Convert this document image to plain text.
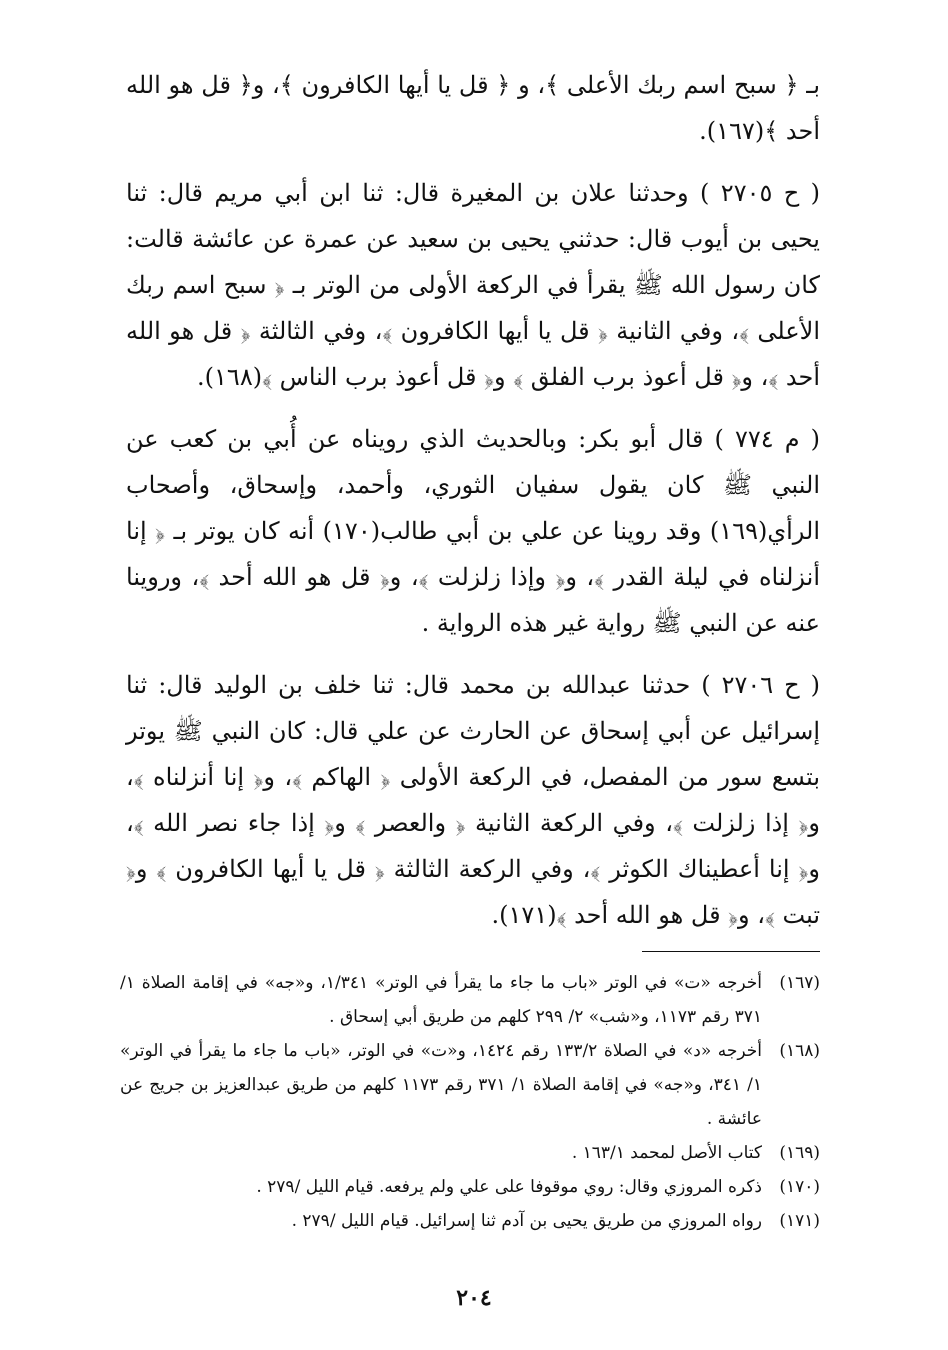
بـ ﴿ سبح اسم ربك الأعلى ﴾، و ﴿ قل يا أيها الكافرون ﴾، و﴿ قل هو الله أحد ﴾(١٦٧).

( ح ٢٧٠٥ ) وحدثنا علان بن المغيرة قال: ثنا ابن أبي مريم قال: ثنا يحيى بن أيوب قال: حدثني يحيى بن سعيد عن عمرة عن عائشة قالت: كان رسول الله ﷺ يقرأ في الركعة الأولى من الوتر بـ ﴿ سبح اسم ربك الأعلى ﴾، وفي الثانية ﴿ قل يا أيها الكافرون ﴾، وفي الثالثة ﴿ قل هو الله أحد ﴾، و﴿ قل أعوذ برب الفلق ﴾ و﴿ قل أعوذ برب الناس ﴾(١٦٨).

( م ٧٧٤ ) قال أبو بكر: وبالحديث الذي رويناه عن أُبي بن كعب عن النبي ﷺ كان يقول سفيان الثوري، وأحمد، وإسحاق، وأصحاب الرأي(١٦٩) وقد روينا عن علي بن أبي طالب(١٧٠) أنه كان يوتر بـ ﴿ إنا أنزلناه في ليلة القدر ﴾، و﴿ وإذا زلزلت ﴾، و﴿ قل هو الله أحد ﴾، وروينا عنه عن النبي ﷺ رواية غير هذه الرواية .

( ح ٢٧٠٦ ) حدثنا عبدالله بن محمد قال: ثنا خلف بن الوليد قال: ثنا إسرائيل عن أبي إسحاق عن الحارث عن علي قال: كان النبي ﷺ يوتر بتسع سور من المفصل، في الركعة الأولى ﴿ الهاكم ﴾، و﴿ إنا أنزلناه ﴾، و﴿ إذا زلزلت ﴾، وفي الركعة الثانية ﴿ والعصر ﴾ و﴿ إذا جاء نصر الله ﴾، و﴿ إنا أعطيناك الكوثر ﴾، وفي الركعة الثالثة ﴿ قل يا أيها الكافرون ﴾ و﴿ تبت ﴾، و﴿ قل هو الله أحد ﴾(١٧١).

(١٦٧)
أخرجه «ت» في الوتر «باب ما جاء ما يقرأ في الوتر» ١/٣٤١، و«جه» في إقامة الصلاة ١/ ٣٧١ رقم ١١٧٣، و«شب» ٢/ ٢٩٩ كلهم من طريق أبي إسحاق .
(١٦٨)
أخرجه «د» في الصلاة ١٣٣/٢ رقم ١٤٢٤، و«ت» في الوتر، «باب ما جاء ما يقرأ في الوتر» ١/ ٣٤١، و«جه» في إقامة الصلاة ١/ ٣٧١ رقم ١١٧٣ كلهم من طريق عبدالعزيز بن جريج عن عائشة .
(١٦٩)
كتاب الأصل لمحمد ١٦٣/١ .
(١٧٠)
ذكره المروزي وقال: روي موقوفا على علي ولم يرفعه. قيام الليل /٢٧٩ .
(١٧١)
رواه المروزي من طريق يحيى بن آدم ثنا إسرائيل. قيام الليل /٢٧٩ .
٢٠٤
